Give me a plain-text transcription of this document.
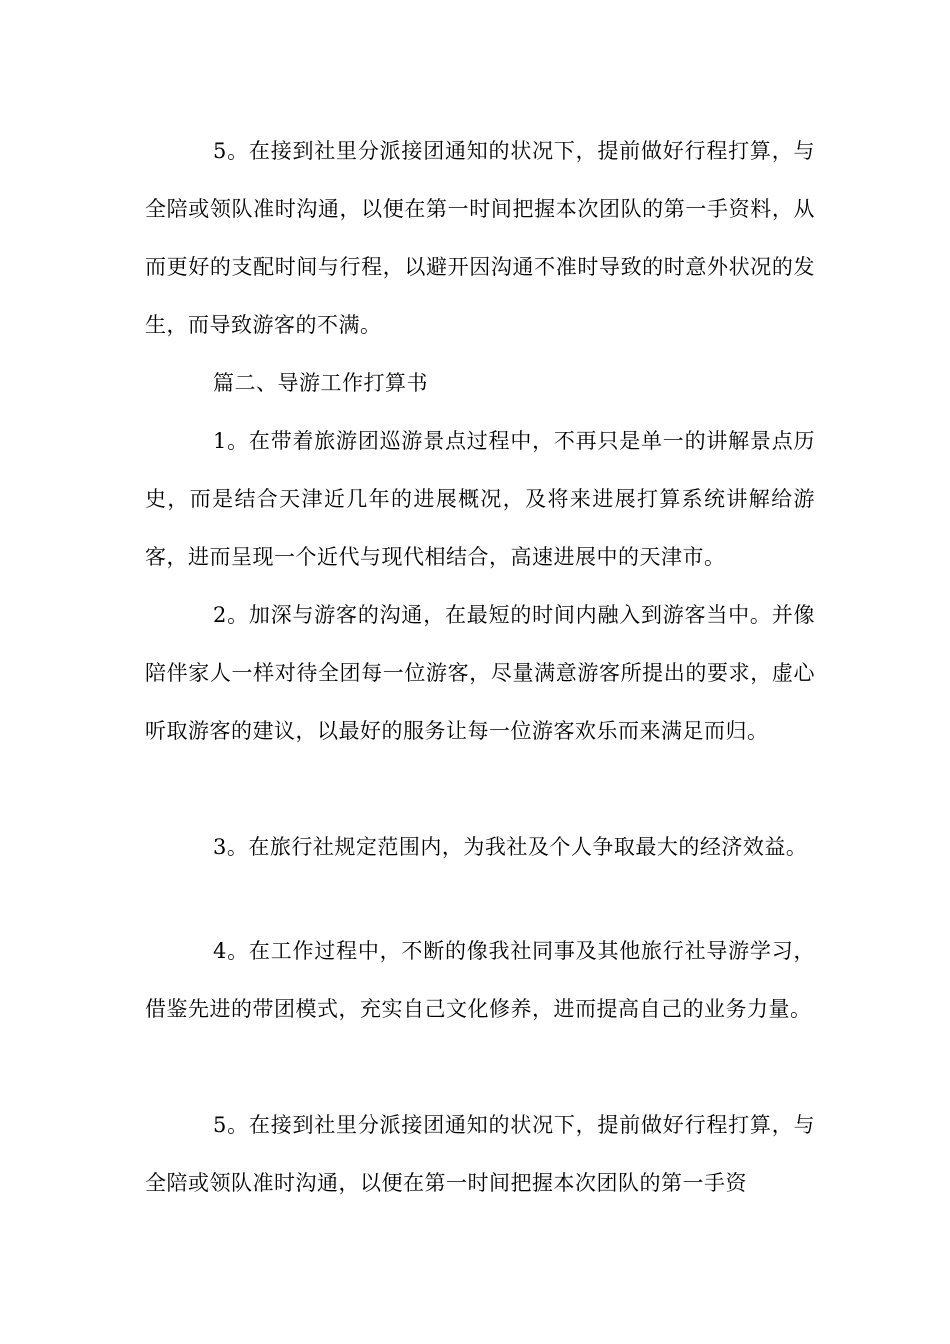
5。在接到社里分派接团通知的状况下，提前做好行程打算，与全陪或领队准时沟通，以便在第一时间把握本次团队的第一手资料，从而更好的支配时间与行程，以避开因沟通不准时导致的时意外状况的发生，而导致游客的不满。

篇二、导游工作打算书

1。在带着旅游团巡游景点过程中，不再只是单一的讲解景点历史，而是结合天津近几年的进展概况，及将来进展打算系统讲解给游客，进而呈现一个近代与现代相结合，高速进展中的天津市。

2。加深与游客的沟通，在最短的时间内融入到游客当中。并像陪伴家人一样对待全团每一位游客，尽量满意游客所提出的要求，虚心听取游客的建议，以最好的服务让每一位游客欢乐而来满足而归。

3。在旅行社规定范围内，为我社及个人争取最大的经济效益。

4。在工作过程中，不断的像我社同事及其他旅行社导游学习，借鉴先进的带团模式，充实自己文化修养，进而提高自己的业务力量。

5。在接到社里分派接团通知的状况下，提前做好行程打算，与全陪或领队准时沟通，以便在第一时间把握本次团队的第一手资
